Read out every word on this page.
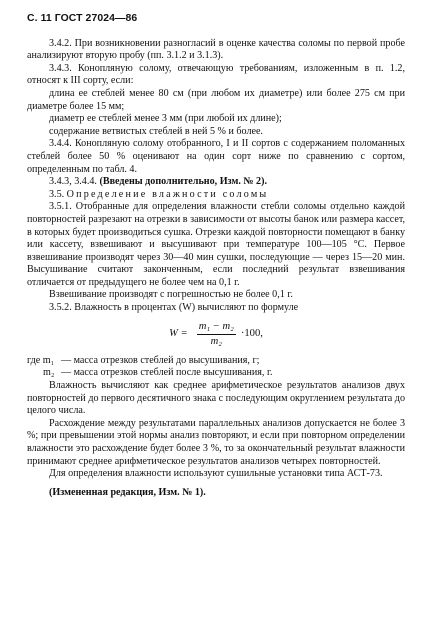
С. 11 ГОСТ 27024—86

3.4.2. При возникновении разногласий в оценке качества соломы по первой пробе анализируют вторую пробу (пп. 3.1.2 и 3.1.3).

3.4.3. Конопляную солому, отвечающую требованиям, изложенным в п. 1.2, относят к III сорту, если:

длина ее стеблей менее 80 см (при любом их диаметре) или более 275 см при диаметре более 15 мм;

диаметр ее стеблей менее 3 мм (при любой их длине);

содержание ветвистых стеблей в ней 5 % и более.

3.4.4. Конопляную солому отобранного, I и II сортов с содержанием поломанных стеблей более 50 % оценивают на один сорт ниже по сравнению с сортом, определенным по табл. 4.

3.4.3, 3.4.4. (Введены дополнительно, Изм. № 2).

3.5. Определение влажности соломы

3.5.1. Отобранные для определения влажности стебли соломы отдельно каждой повторностей разрезают на отрезки в зависимости от высоты банок или размера кассет, в которых будет производиться сушка. Отрезки каждой повторности помещают в банку или кассету, взвешивают и высушивают при температуре 100—105 °С. Первое взвешивание производят через 30—40 мин сушки, последующие — через 15—20 мин. Высушивание считают законченным, если последний результат взвешивания отличается от предыдущего не более чем на 0,1 г.

Взвешивание производят с погрешностью не более 0,1 г.

3.5.2. Влажность в процентах (W) вычисляют по формуле

$W = \frac{\text{m₁ − m₂}}{\text{m₂}} \cdot 100$,
где m₁ — масса отрезков стеблей до высушивания, г;
m₂ — масса отрезков стеблей после высушивания, г.

Влажность вычисляют как среднее арифметическое результатов анализов двух повторностей до первого десятичного знака с последующим округлением результата до целого числа.

Расхождение между результатами параллельных анализов допускается не более 3 %; при превышении этой нормы анализ повторяют, и если при повторном определении влажности это расхождение будет более 3 %, то за окончательный результат влажности принимают среднее арифметическое результатов анализов четырех повторностей.

Для определения влажности используют сушильные установки типа АСТ-73.

(Измененная редакция, Изм. № 1).
